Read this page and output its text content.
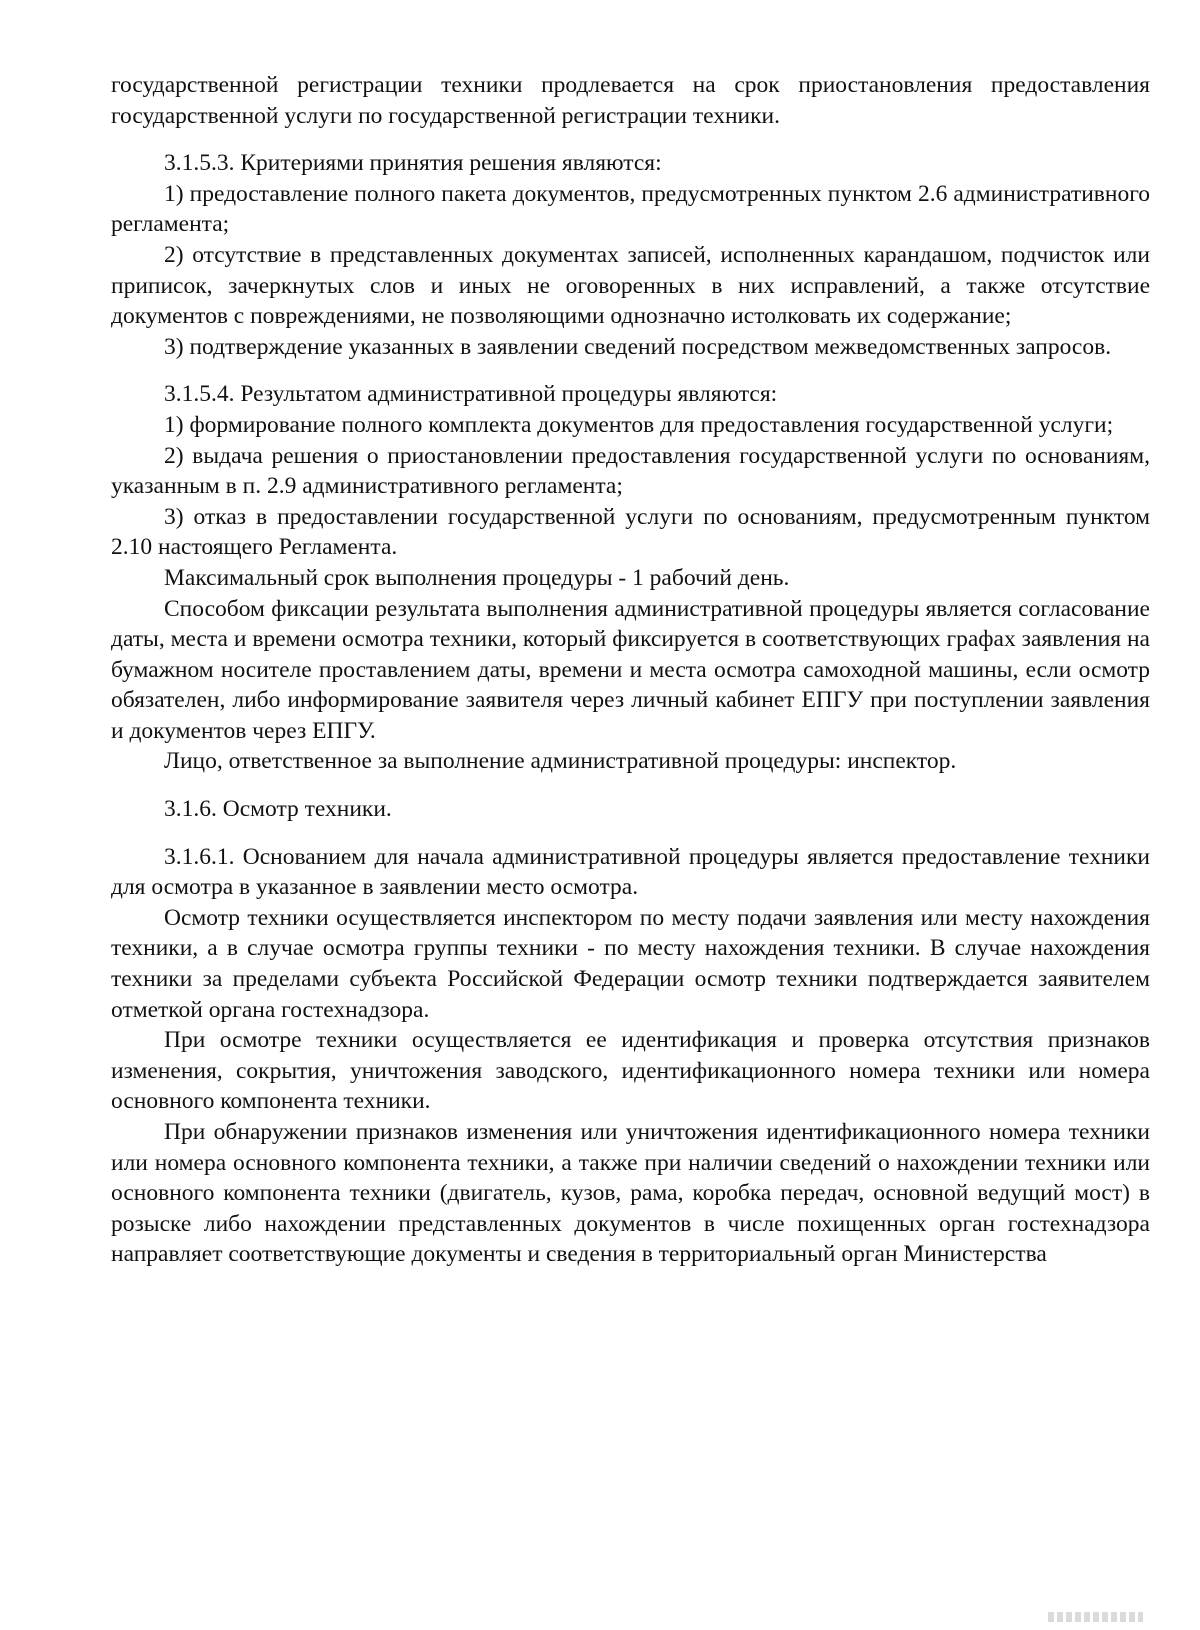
государственной регистрации техники продлевается на срок приостановления предоставления государственной услуги по государственной регистрации техники.

3.1.5.3. Критериями принятия решения являются:

1) предоставление полного пакета документов, предусмотренных пунктом 2.6 административного регламента;

2) отсутствие в представленных документах записей, исполненных карандашом, подчисток или приписок, зачеркнутых слов и иных не оговоренных в них исправлений, а также отсутствие документов с повреждениями, не позволяющими однозначно истолковать их содержание;

3) подтверждение указанных в заявлении сведений посредством межведомственных запросов.

3.1.5.4. Результатом административной процедуры являются:

1) формирование полного комплекта документов для предоставления государственной услуги;

2) выдача решения о приостановлении предоставления государственной услуги по основаниям, указанным в п. 2.9 административного регламента;

3) отказ в предоставлении государственной услуги по основаниям, предусмотренным пунктом 2.10 настоящего Регламента.

Максимальный срок выполнения процедуры - 1 рабочий день.

Способом фиксации результата выполнения административной процедуры является согласование даты, места и времени осмотра техники, который фиксируется в соответствующих графах заявления на бумажном носителе проставлением даты, времени и места осмотра самоходной машины, если осмотр обязателен, либо информирование заявителя через личный кабинет ЕПГУ при поступлении заявления и документов через ЕПГУ.

Лицо, ответственное за выполнение административной процедуры: инспектор.

3.1.6. Осмотр техники.

3.1.6.1. Основанием для начала административной процедуры является предоставление техники для осмотра в указанное в заявлении место осмотра.

Осмотр техники осуществляется инспектором по месту подачи заявления или месту нахождения техники, а в случае осмотра группы техники - по месту нахождения техники. В случае нахождения техники за пределами субъекта Российской Федерации осмотр техники подтверждается заявителем отметкой органа гостехнадзора.

При осмотре техники осуществляется ее идентификация и проверка отсутствия признаков изменения, сокрытия, уничтожения заводского, идентификационного номера техники или номера основного компонента техники.

При обнаружении признаков изменения или уничтожения идентификационного номера техники или номера основного компонента техники, а также при наличии сведений о нахождении техники или основного компонента техники (двигатель, кузов, рама, коробка передач, основной ведущий мост) в розыске либо нахождении представленных документов в числе похищенных орган гостехнадзора направляет соответствующие документы и сведения в территориальный орган Министерства
